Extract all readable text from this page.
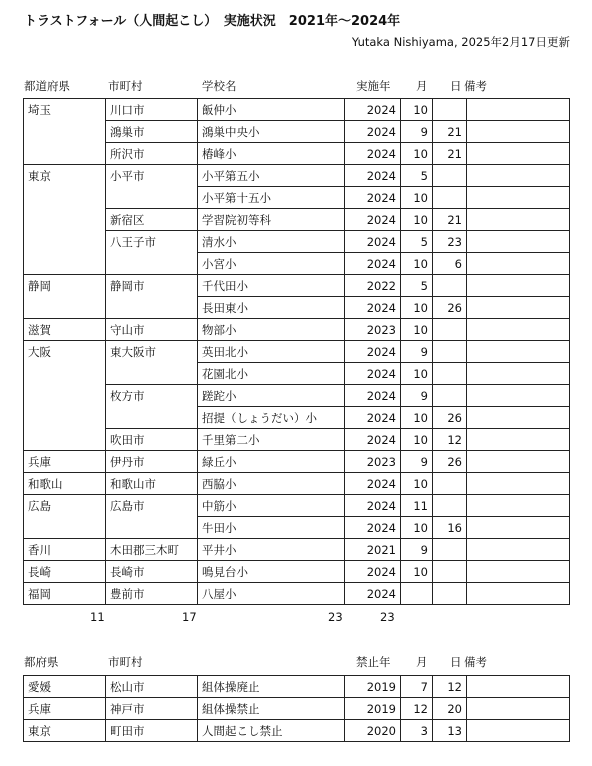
トラストフォール（人間起こし）　実施状況　2021年～2024年
Yutaka Nishiyama, 2025年2月17日更新
都道府県	市町村	学校名	実施年 月 日 備考
埼玉	川口市	飯仲小	2024	10		
	鴻巣市	鴻巣中央小	2024	9	21	
	所沢市	椿峰小	2024	10	21	
東京	小平市	小平第五小	2024	5		
		小平第十五小	2024	10		
	新宿区	学習院初等科	2024	10	21	
	八王子市	清水小	2024	5	23	
		小宮小	2024	10	6	
静岡	静岡市	千代田小	2022	5		
		長田東小	2024	10	26	
滋賀	守山市	物部小	2023	10		
大阪	東大阪市	英田北小	2024	9		
		花園北小	2024	10		
	枚方市	蹉跎小	2024	9		
		招提（しょうだい）小	2024	10	26	
	吹田市	千里第二小	2024	10	12	
兵庫	伊丹市	緑丘小	2023	9	26	
和歌山	和歌山市	西脇小	2024	10		
広島	広島市	中筋小	2024	11		
		牛田小	2024	10	16	
香川	木田郡三木町	平井小	2021	9		
長崎	長崎市	鳴見台小	2024	10		
福岡	豊前市	八屋小	2024			
11	17	23	23
都府県	市町村	禁止年 月 日 備考
愛媛	松山市	組体操廃止	2019	7	12	
兵庫	神戸市	組体操禁止	2019	12	20	
東京	町田市	人間起こし禁止	2020	3	13	
